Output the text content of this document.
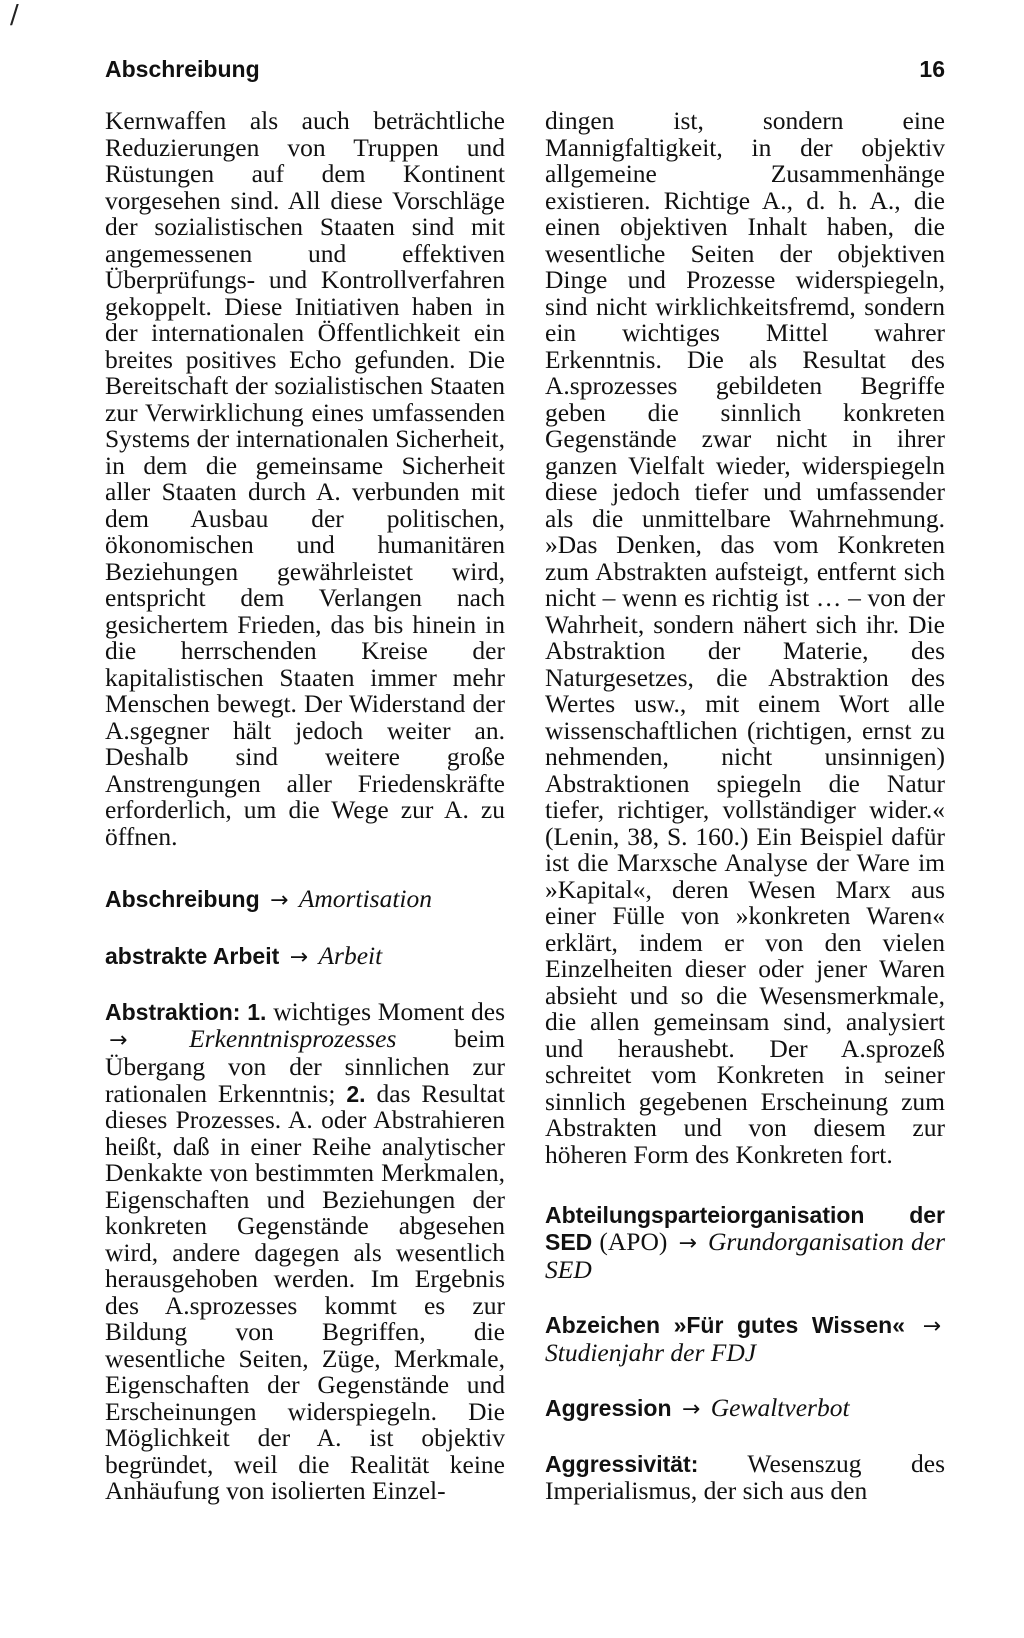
/
Abschreibung	16

Kernwaffen als auch beträchtliche Reduzierungen von Truppen und Rüstungen auf dem Kontinent vorgesehen sind. All diese Vorschläge der sozialistischen Staaten sind mit angemessenen und effektiven Überprüfungs- und Kontrollverfahren gekoppelt. Diese Initiativen haben in der internationalen Öffentlichkeit ein breites positives Echo gefunden. Die Bereitschaft der sozialistischen Staaten zur Verwirklichung eines umfassenden Systems der internationalen Sicherheit, in dem die gemeinsame Sicherheit aller Staaten durch A. verbunden mit dem Ausbau der politischen, ökonomischen und humanitären Beziehungen gewährleistet wird, entspricht dem Verlangen nach gesichertem Frieden, das bis hinein in die herrschenden Kreise der kapitalistischen Staaten immer mehr Menschen bewegt. Der Widerstand der A.sgegner hält jedoch weiter an. Deshalb sind weitere große Anstrengungen aller Friedenskräfte erforderlich, um die Wege zur A. zu öffnen.

Abschreibung → Amortisation
abstrakte Arbeit → Arbeit
Abstraktion: 1. wichtiges Moment des → Erkenntnisprozesses beim Übergang von der sinnlichen zur rationalen Erkenntnis; 2. das Resultat dieses Prozesses. A. oder Abstrahieren heißt, daß in einer Reihe analytischer Denkakte von bestimmten Merkmalen, Eigenschaften und Beziehungen der konkreten Gegenstände abgesehen wird, andere dagegen als wesentlich herausgehoben werden. Im Ergebnis des A.sprozesses kommt es zur Bildung von Begriffen, die wesentliche Seiten, Züge, Merkmale, Eigenschaften der Gegenstände und Erscheinungen widerspiegeln. Die Möglichkeit der A. ist objektiv begründet, weil die Realität keine Anhäufung von isolierten Einzel-

dingen ist, sondern eine Mannigfaltigkeit, in der objektiv allgemeine Zusammenhänge existieren. Richtige A., d. h. A., die einen objektiven Inhalt haben, die wesentliche Seiten der objektiven Dinge und Prozesse widerspiegeln, sind nicht wirklichkeitsfremd, sondern ein wichtiges Mittel wahrer Erkenntnis. Die als Resultat des A.sprozesses gebildeten Begriffe geben die sinnlich konkreten Gegenstände zwar nicht in ihrer ganzen Vielfalt wieder, widerspiegeln diese jedoch tiefer und umfassender als die unmittelbare Wahrnehmung. »Das Denken, das vom Konkreten zum Abstrakten aufsteigt, entfernt sich nicht – wenn es richtig ist … – von der Wahrheit, sondern nähert sich ihr. Die Abstraktion der Materie, des Naturgesetzes, die Abstraktion des Wertes usw., mit einem Wort alle wissenschaftlichen (richtigen, ernst zu nehmenden, nicht unsinnigen) Abstraktionen spiegeln die Natur tiefer, richtiger, vollständiger wider.« (Lenin, 38, S. 160.) Ein Beispiel dafür ist die Marxsche Analyse der Ware im »Kapital«, deren Wesen Marx aus einer Fülle von »konkreten Waren« erklärt, indem er von den vielen Einzelheiten dieser oder jener Waren absieht und so die Wesensmerkmale, die allen gemeinsam sind, analysiert und heraushebt. Der A.sprozeß schreitet vom Konkreten in seiner sinnlich gegebenen Erscheinung zum Abstrakten und von diesem zur höheren Form des Konkreten fort.

Abteilungsparteiorganisation der SED (APO) → Grundorganisation der SED
Abzeichen »Für gutes Wissen« → Studienjahr der FDJ
Aggression → Gewaltverbot
Aggressivität: Wesenszug des Imperialismus, der sich aus den
